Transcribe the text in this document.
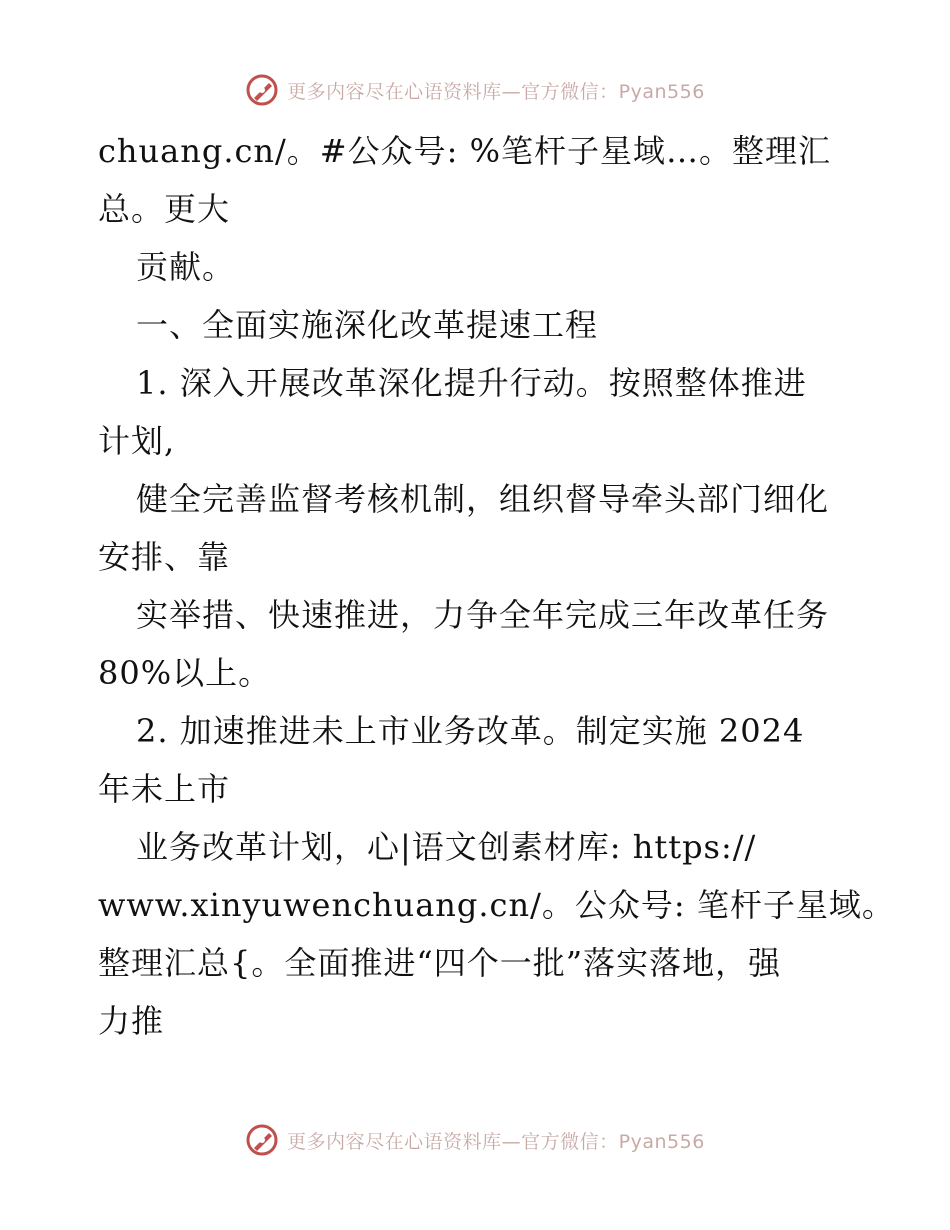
更多内容尽在心语资料库—官方微信：Pyan556
chuang.cn/。#公众号: %笔杆子星域…。整理汇
总。更大
贡献。
一、全面实施深化改革提速工程
1. 深入开展改革深化提升行动。按照整体推进
计划,
健全完善监督考核机制，组织督导牵头部门细化
安排、靠
实举措、快速推进，力争全年完成三年改革任务
80%以上。
2. 加速推进未上市业务改革。制定实施 2024
年未上市
业务改革计划，心|语文创素材库: https://
www.xinyuwenchuang.cn/。公众号: 笔杆子星域。
整理汇总{。全面推进“四个一批”落实落地，强
力推
更多内容尽在心语资料库—官方微信：Pyan556
